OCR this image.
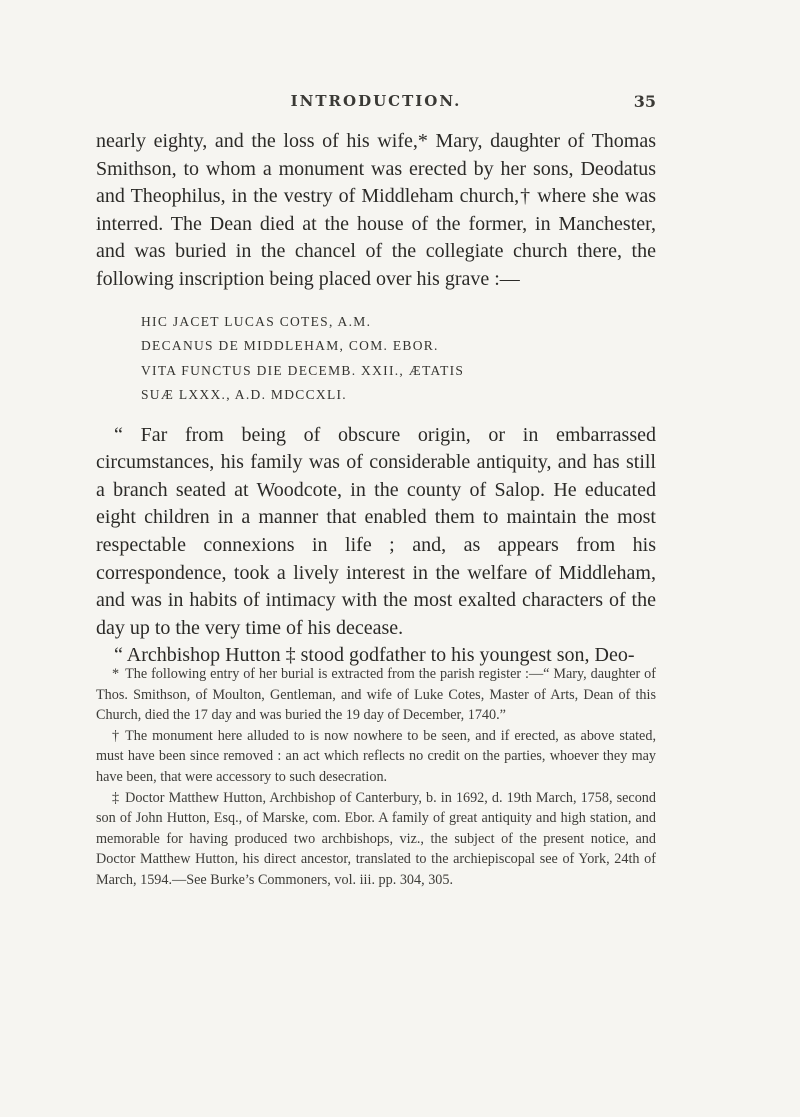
INTRODUCTION.	35

nearly eighty, and the loss of his wife,* Mary, daughter of Thomas Smithson, to whom a monument was erected by her sons, Deodatus and Theophilus, in the vestry of Middleham church,† where she was interred. The Dean died at the house of the former, in Manchester, and was buried in the chancel of the collegiate church there, the following inscription being placed over his grave :—

HIC JACET LUCAS COTES, A.M.
DECANUS DE MIDDLEHAM, COM. EBOR.
VITA FUNCTUS DIE DECEMB. XXII., ÆTATIS
SUÆ LXXX., A.D. MDCCXLI.

“ Far from being of obscure origin, or in embarrassed circumstances, his family was of considerable antiquity, and has still a branch seated at Woodcote, in the county of Salop. He educated eight children in a manner that enabled them to maintain the most respectable connexions in life ; and, as appears from his correspondence, took a lively interest in the welfare of Middleham, and was in habits of intimacy with the most exalted characters of the day up to the very time of his decease.

“ Archbishop Hutton ‡ stood godfather to his youngest son, Deo-

* The following entry of her burial is extracted from the parish register :—“ Mary, daughter of Thos. Smithson, of Moulton, Gentleman, and wife of Luke Cotes, Master of Arts, Dean of this Church, died the 17 day and was buried the 19 day of December, 1740.”

† The monument here alluded to is now nowhere to be seen, and if erected, as above stated, must have been since removed : an act which reflects no credit on the parties, whoever they may have been, that were accessory to such desecration.

‡ Doctor Matthew Hutton, Archbishop of Canterbury, b. in 1692, d. 19th March, 1758, second son of John Hutton, Esq., of Marske, com. Ebor. A family of great antiquity and high station, and memorable for having produced two archbishops, viz., the subject of the present notice, and Doctor Matthew Hutton, his direct ancestor, translated to the archiepiscopal see of York, 24th of March, 1594.—See Burke’s Commoners, vol. iii. pp. 304, 305.
